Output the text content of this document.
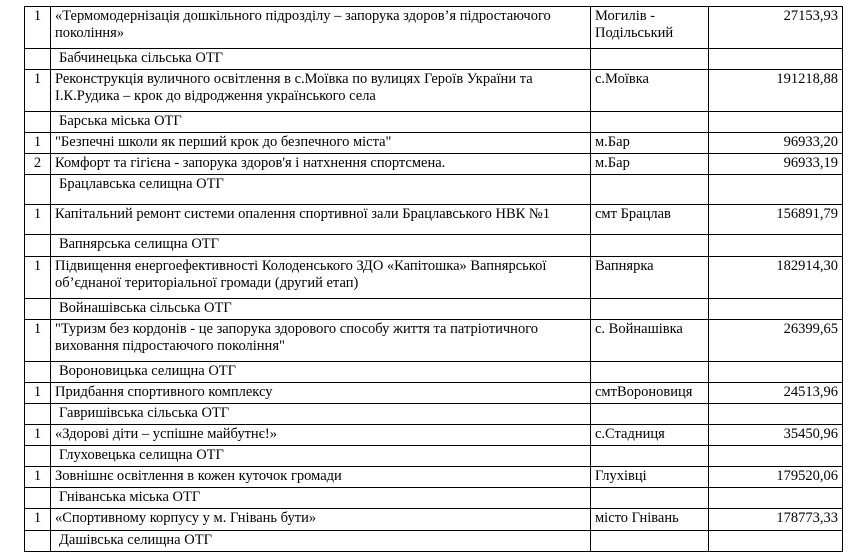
1	«Термомодернізація дошкільного підрозділу – запорука здоров’я підростаючого покоління»	Могилів - Подільський	27153,93
	Бабчинецька сільська ОТГ		
1	Реконструкція вуличного освітлення в с.Моївка по вулицях Героїв України та І.К.Рудика – крок до відродження українського села	с.Моївка	191218,88
	Барська міська ОТГ		
1	"Безпечні школи як перший крок до безпечного міста"	м.Бар	96933,20
2	Комфорт та гігієна - запорука здоров'я і натхнення спортсмена.	м.Бар	96933,19
	Брацлавська селищна ОТГ		
1	Капітальний ремонт системи опалення спортивної зали Брацлавського НВК №1	смт Брацлав	156891,79
	Вапнярська селищна ОТГ		
1	Підвищення енергоефективності Колоденського ЗДО «Капітошка» Вапнярської об’єднаної територіальної громади (другий етап)	Вапнярка	182914,30
	Войнашівська сільська ОТГ		
1	"Туризм без кордонів - це запорука здорового способу життя та патріотичного виховання підростаючого покоління"	с. Войнашівка	26399,65
	Вороновицька селищна ОТГ		
1	Придбання спортивного комплексу	смтВороновиця	24513,96
	Гавришівська сільська ОТГ		
1	«Здорові діти – успішне майбутнє!»	с.Стадниця	35450,96
	Глуховецька селищна ОТГ		
1	Зовнішнє освітлення в кожен куточок громади	Глухівці	179520,06
	Гніванська міська ОТГ		
1	«Спортивному корпусу у м. Гнівань бути»	місто Гнівань	178773,33
	Дашівська селищна ОТГ		
